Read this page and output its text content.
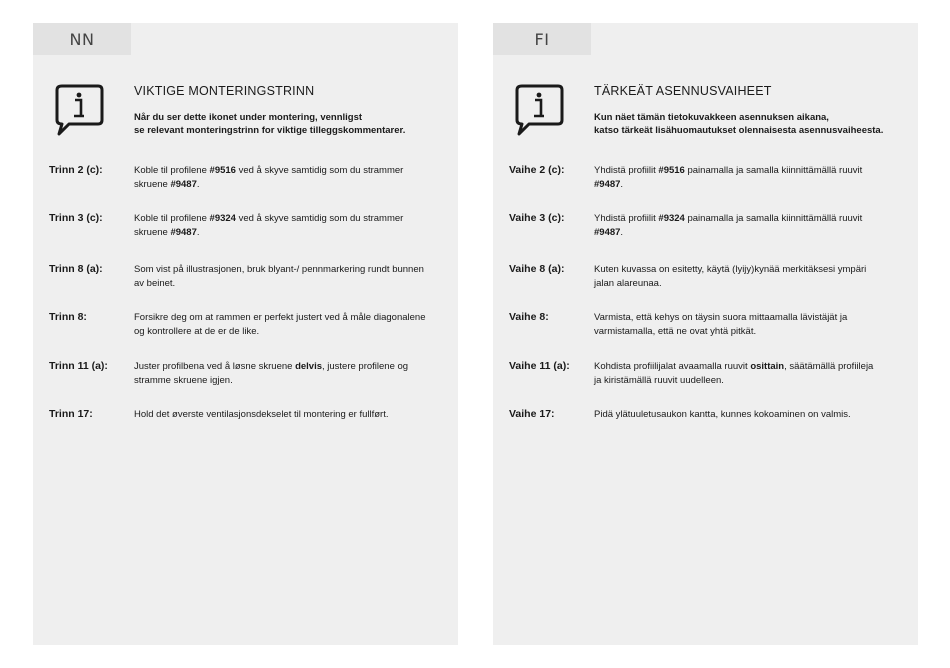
NN
VIKTIGE MONTERINGSTRINN
Når du ser dette ikonet under montering, vennligst
se relevant monteringstrinn for viktige tilleggskommentarer.
Trinn 2 (c):	Koble til profilene #9516 ved å skyve samtidig som du strammer
skruene #9487.
Trinn 3 (c):	Koble til profilene #9324 ved å skyve samtidig som du strammer
skruene #9487.
Trinn 8 (a):	Som vist på illustrasjonen, bruk blyant-/ pennmarkering rundt bunnen
av beinet.
Trinn 8:	Forsikre deg om at rammen er perfekt justert ved å måle diagonalene
og kontrollere at de er de like.
Trinn 11 (a):	Juster profilbena ved å løsne skruene delvis, justere profilene og
stramme skruene igjen.
Trinn 17:	Hold det øverste ventilasjonsdekselet til montering er fullført.
FI
TÄRKEÄT ASENNUSVAIHEET
Kun näet tämän tietokuvakkeen asennuksen aikana,
katso tärkeät lisähuomautukset olennaisesta asennusvaiheesta.
Vaihe 2 (c):	Yhdistä profiilit #9516 painamalla ja samalla kiinnittämällä ruuvit
#9487.
Vaihe 3 (c):	Yhdistä profiilit #9324 painamalla ja samalla kiinnittämällä ruuvit
#9487.
Vaihe 8 (a):	Kuten kuvassa on esitetty, käytä (lyijy)kynää merkitäksesi ympäri
jalan alareunaa.
Vaihe 8:	Varmista, että kehys on täysin suora mittaamalla lävistäjät ja
varmistamalla, että ne ovat yhtä pitkät.
Vaihe 11 (a):	Kohdista profiilijalat avaamalla ruuvit osittain, säätämällä profiileja
ja kiristämällä ruuvit uudelleen.
Vaihe 17:	Pidä ylätuuletusaukon kantta, kunnes kokoaminen on valmis.
